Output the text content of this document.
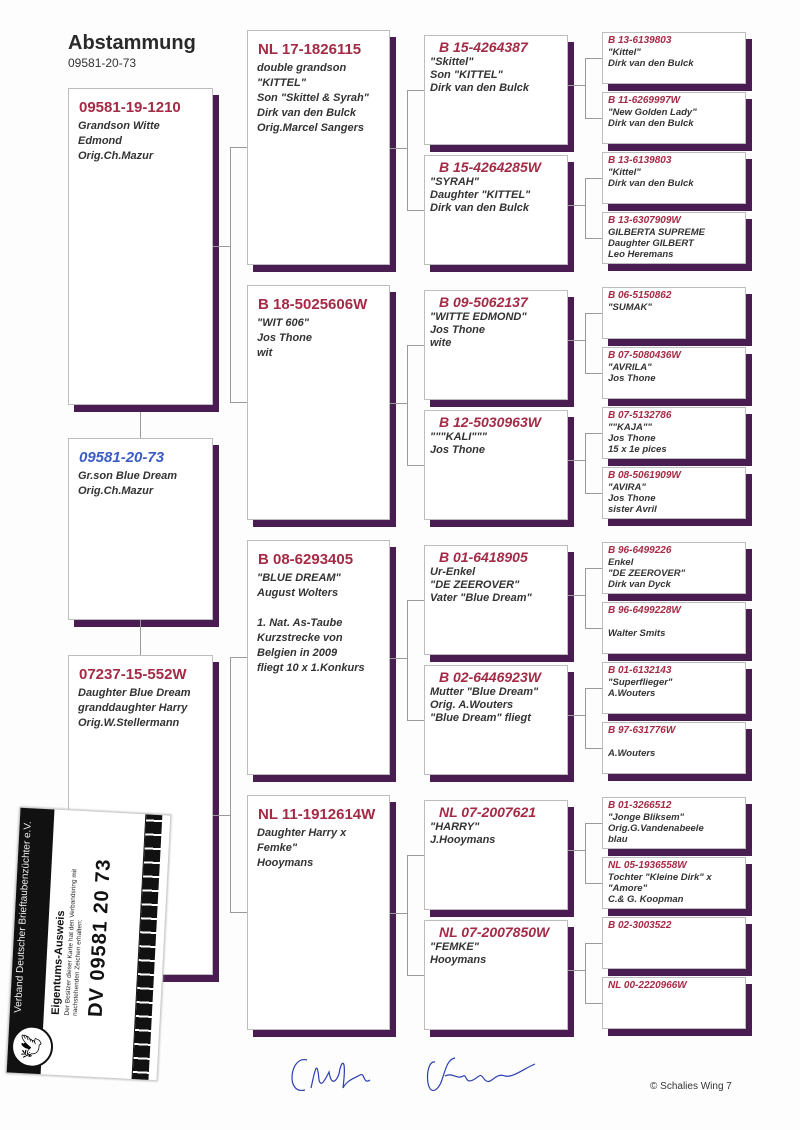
Abstammung
09581-20-73
09581-19-1210
Grandson Witte
Edmond
Orig.Ch.Mazur
09581-20-73
Gr.son Blue Dream
Orig.Ch.Mazur
07237-15-552W
Daughter Blue Dream
granddaughter Harry
Orig.W.Stellermann
NL 17-1826115
double grandson
"KITTEL"
Son "Skittel & Syrah"
Dirk van den Bulck
Orig.Marcel Sangers
B 18-5025606W
"WIT 606"
Jos Thone
wit
B 08-6293405
"BLUE DREAM"
August Wolters

1. Nat. As-Taube
Kurzstrecke von
Belgien in 2009
fliegt 10 x 1.Konkurs
NL 11-1912614W
Daughter Harry x
Femke"
Hooymans
B 15-4264387
"Skittel"
Son "KITTEL"
Dirk van den Bulck
B 15-4264285W
"SYRAH"
Daughter "KITTEL"
Dirk van den Bulck
B 13-6139803
"Kittel"
Dirk van den Bulck
B 11-6269997W
"New Golden Lady"
Dirk van den Bulck
B 13-6139803
"Kittel"
Dirk van den Bulck
B 13-6307909W
GILBERTA SUPREME
Daughter GILBERT
Leo Heremans
B 09-5062137
"WITTE EDMOND"
Jos Thone
wite
B 12-5030963W
"""KALI"""
Jos Thone
B 06-5150862
"SUMAK"
B 07-5080436W
"AVRILA"
Jos Thone
B 07-5132786
""KAJA""
Jos Thone
15 x 1e pices
B 08-5061909W
"AVIRA"
Jos Thone
sister Avril
B 01-6418905
Ur-Enkel
"DE ZEEROVER"
Vater "Blue Dream"
B 02-6446923W
Mutter "Blue Dream"
Orig. A.Wouters
"Blue Dream" fliegt
B 96-6499226
Enkel
"DE ZEEROVER"
Dirk van Dyck
B 96-6499228W

Walter Smits
B 01-6132143
"Superflieger"
A.Wouters
B 97-631776W

A.Wouters
NL 07-2007621
"HARRY"
J.Hooymans
NL 07-2007850W
"FEMKE"
Hooymans
B 01-3266512
"Jonge Bliksem"
Orig.G.Vandenabeele
blau
NL 05-1936558W
Tochter "Kleine Dirk" x
"Amore"
C.& G. Koopman
B 02-3003522
NL 00-2220966W
© Schalies Wing 7
Verband Deutscher Brieftaubenzüchter e.V.
🕊
Eigentums-Ausweis
Der Besitzer dieser Karte hat den Verbandsring mit nachstehenden Zeichen erhalten: DV 09581 20 73
